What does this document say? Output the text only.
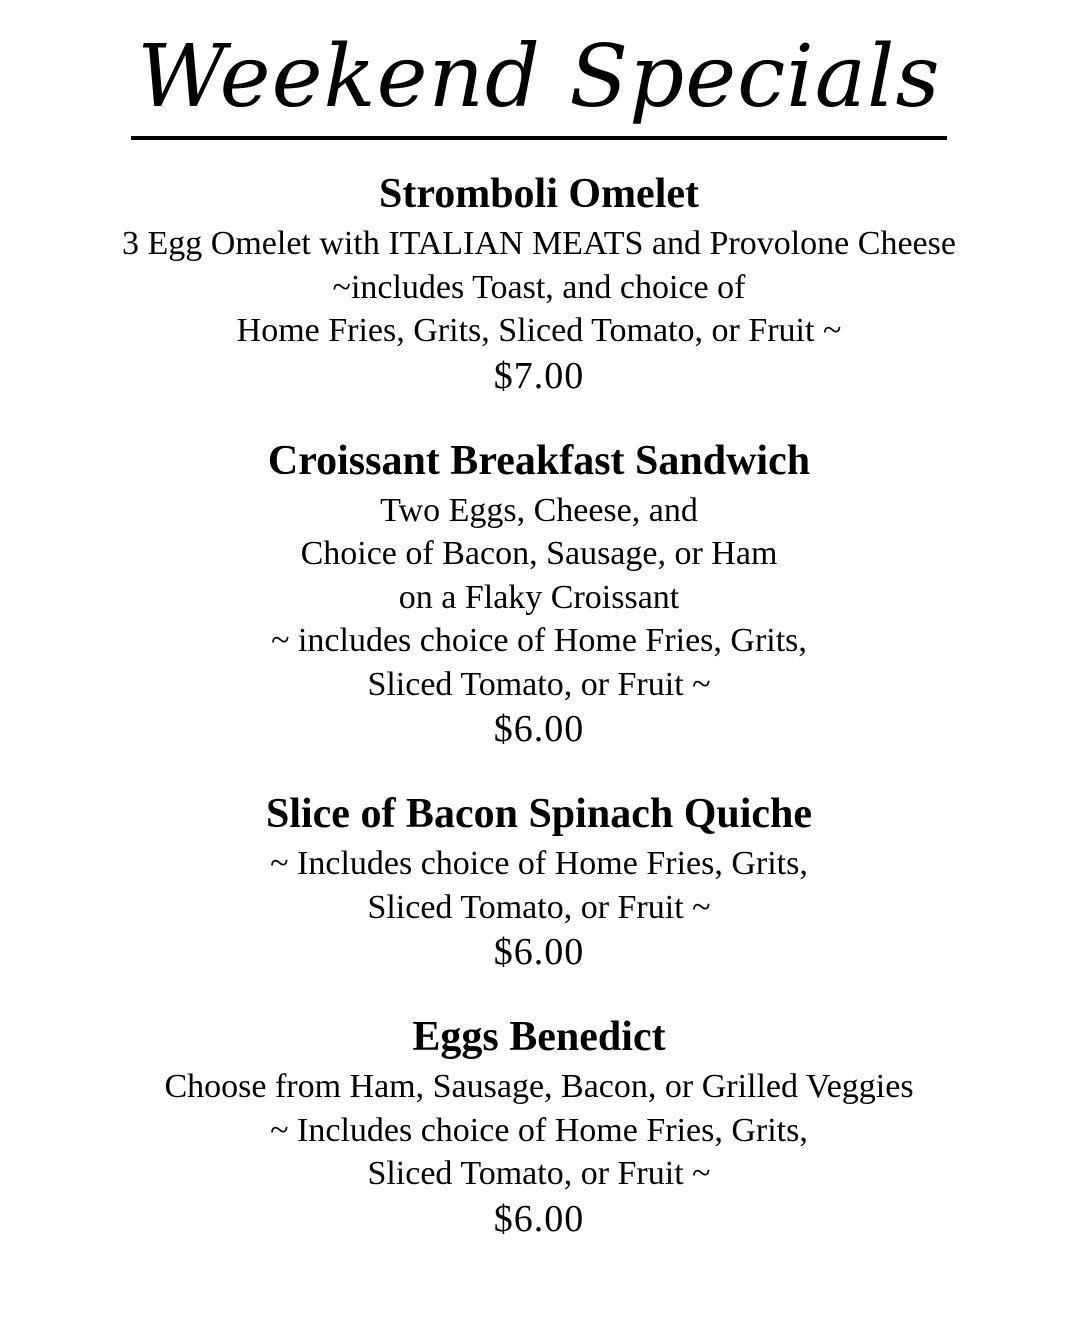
Weekend Specials
Stromboli Omelet
3 Egg Omelet with ITALIAN MEATS and Provolone Cheese
~includes Toast, and choice of
Home Fries, Grits, Sliced Tomato, or Fruit ~
$7.00
Croissant Breakfast Sandwich
Two Eggs, Cheese, and
Choice of Bacon, Sausage, or Ham
on a Flaky Croissant
~ includes choice of Home Fries, Grits,
Sliced Tomato, or Fruit ~
$6.00
Slice of Bacon Spinach Quiche
~ Includes choice of Home Fries, Grits,
Sliced Tomato, or Fruit ~
$6.00
Eggs Benedict
Choose from Ham, Sausage, Bacon, or Grilled Veggies
~ Includes choice of Home Fries, Grits,
Sliced Tomato, or Fruit ~
$6.00
